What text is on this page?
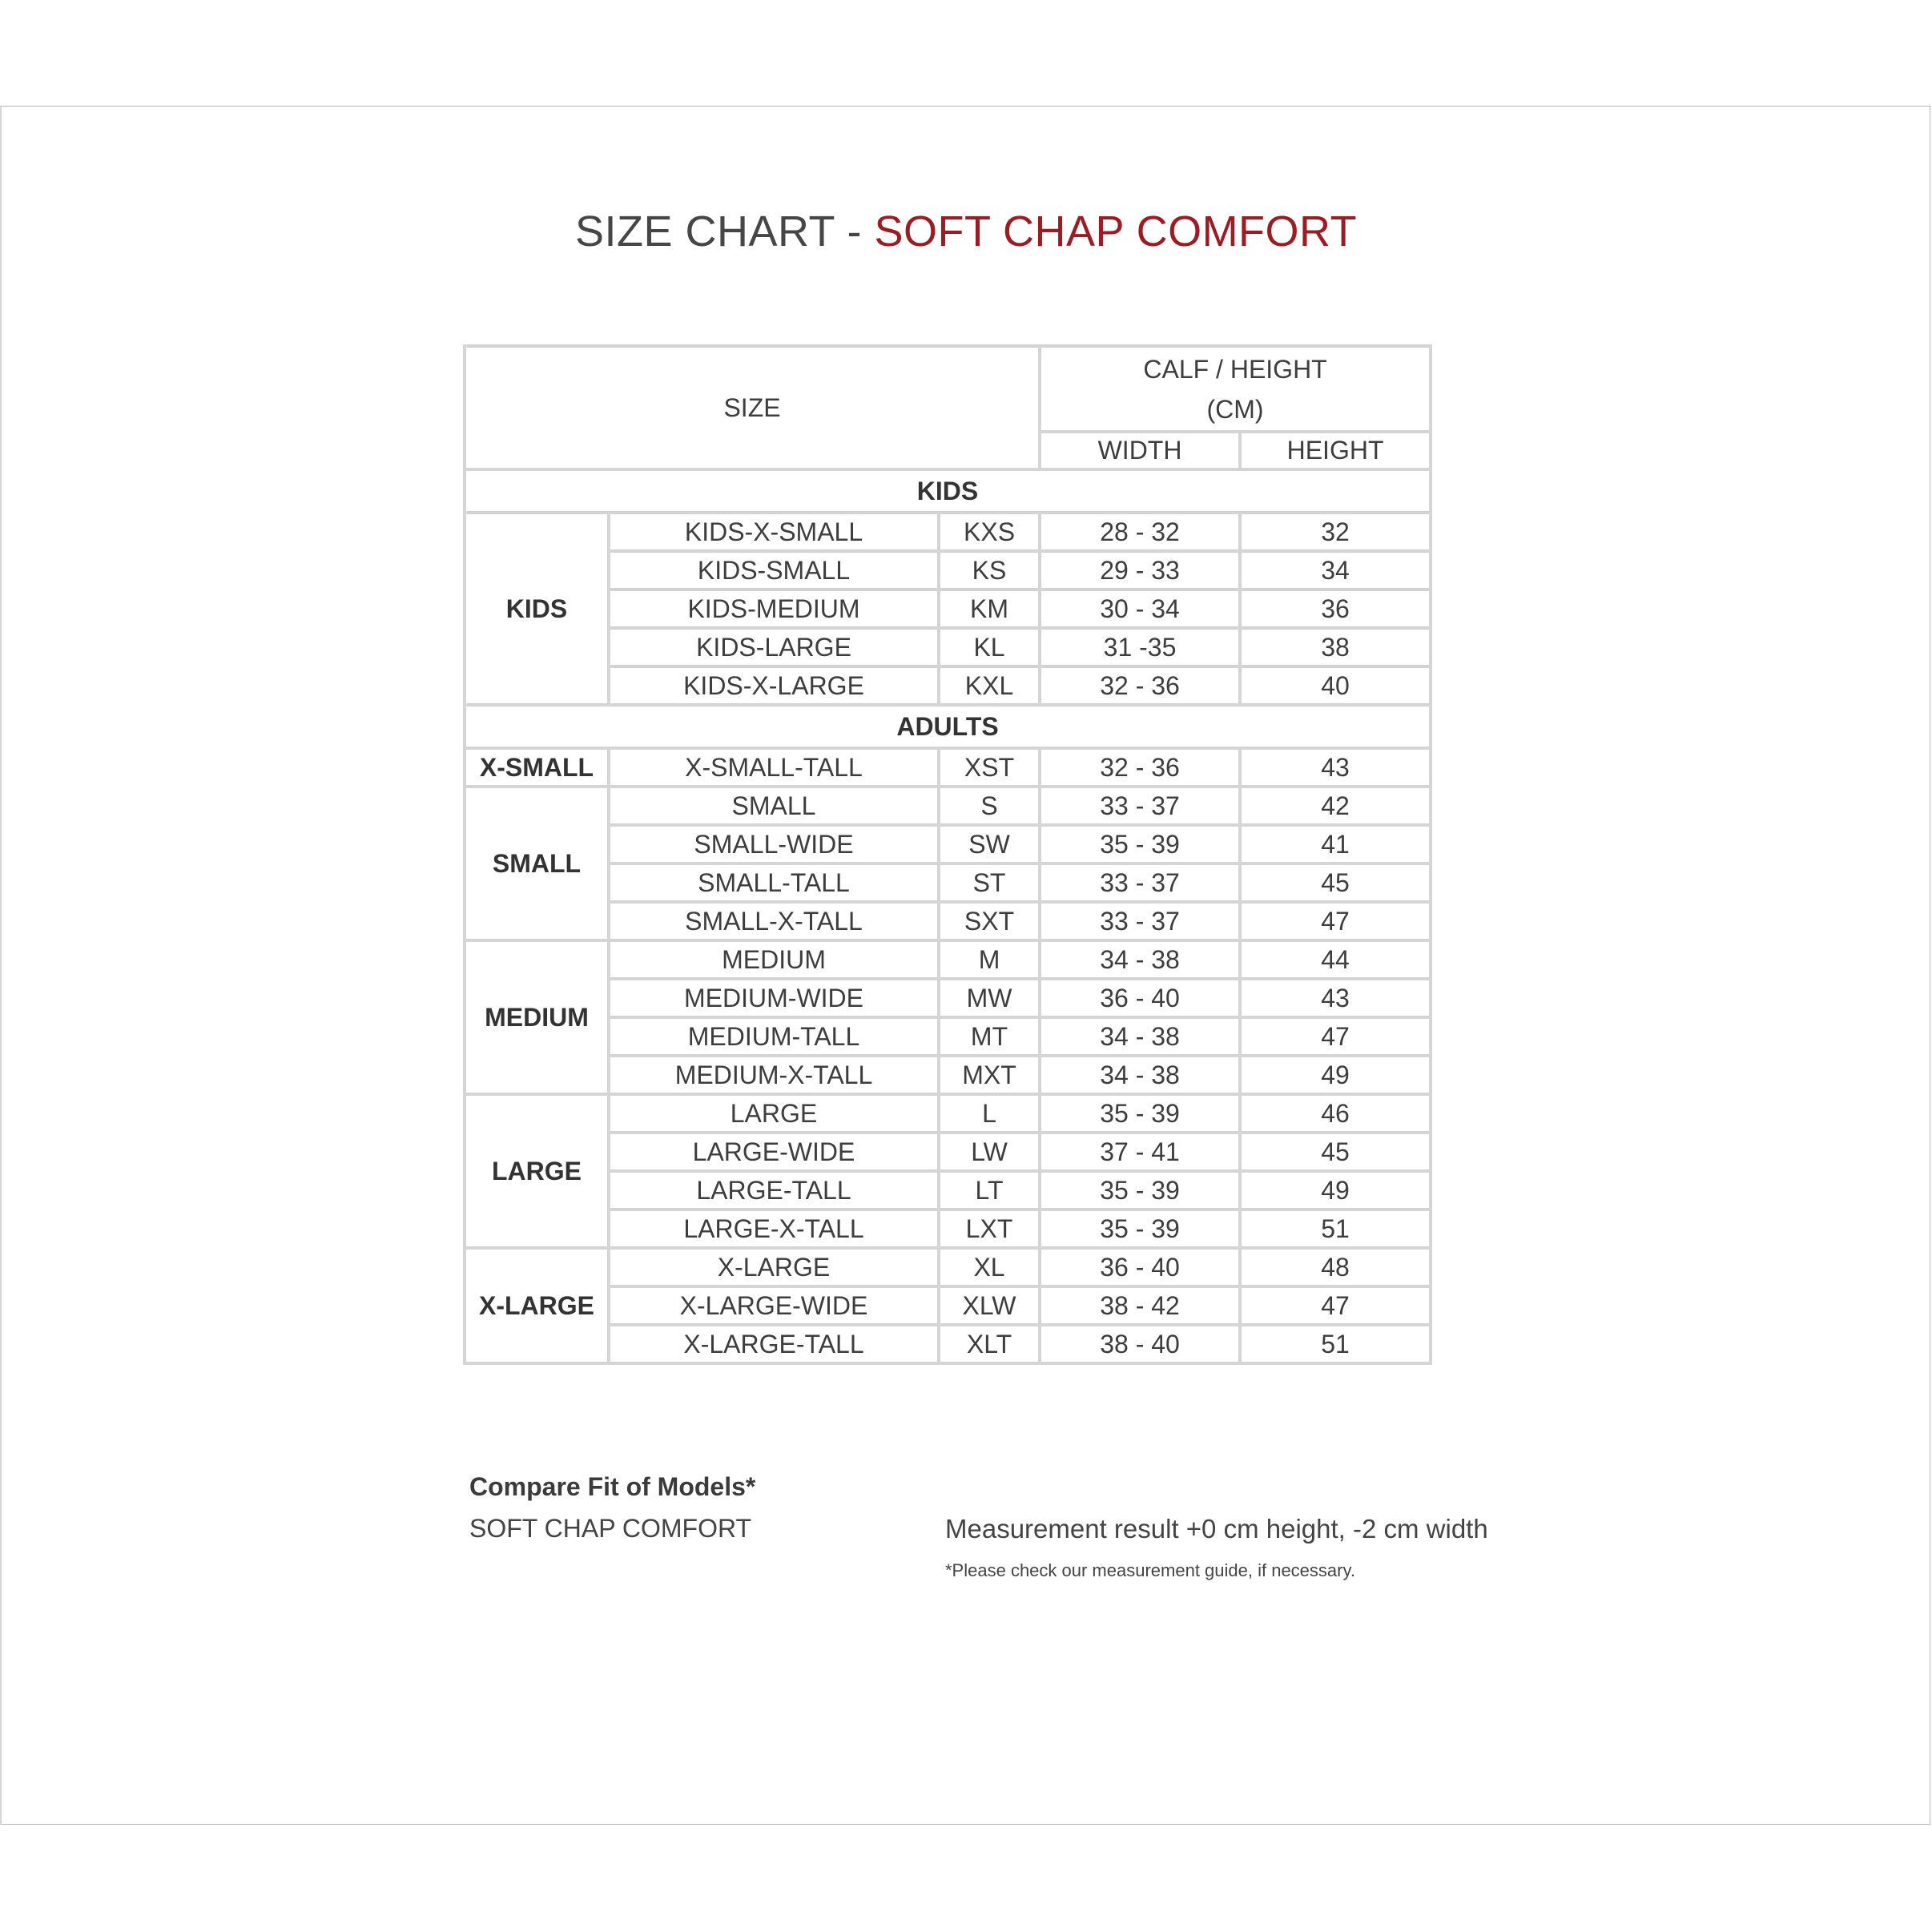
SIZE CHART - SOFT CHAP COMFORT
SIZE			CALF / HEIGHT
(CM)	

			WIDTH	HEIGHT
KIDS				
KIDS	KIDS-X-SMALL	KXS	28 - 32	32
	KIDS-SMALL	KS	29 - 33	34
	KIDS-MEDIUM	KM	30 - 34	36
	KIDS-LARGE	KL	31 -35	38
	KIDS-X-LARGE	KXL	32 - 36	40
ADULTS				
X-SMALL	X-SMALL-TALL	XST	32 - 36	43
SMALL	SMALL	S	33 - 37	42
	SMALL-WIDE	SW	35 - 39	41
	SMALL-TALL	ST	33 - 37	45
	SMALL-X-TALL	SXT	33 - 37	47
MEDIUM	MEDIUM	M	34 - 38	44
	MEDIUM-WIDE	MW	36 - 40	43
	MEDIUM-TALL	MT	34 - 38	47
	MEDIUM-X-TALL	MXT	34 - 38	49
LARGE	LARGE	L	35 - 39	46
	LARGE-WIDE	LW	37 - 41	45
	LARGE-TALL	LT	35 - 39	49
	LARGE-X-TALL	LXT	35 - 39	51
X-LARGE	X-LARGE	XL	36 - 40	48
	X-LARGE-WIDE	XLW	38 - 42	47
	X-LARGE-TALL	XLT	38 - 40	51
Compare Fit of Models*
SOFT CHAP COMFORT	Measurement result +0 cm height, -2 cm width
*Please check our measurement guide, if necessary.
